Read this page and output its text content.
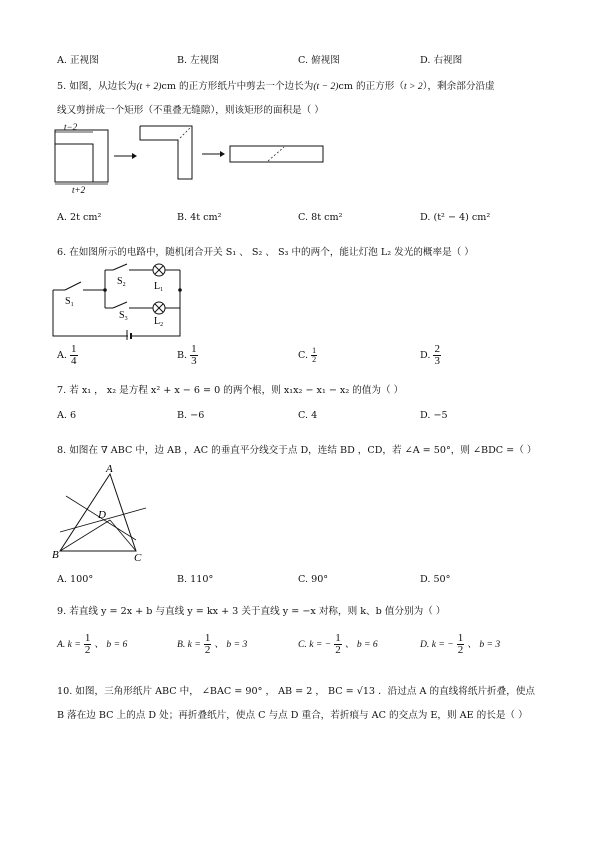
A. 正视图	B. 左视图	C. 俯视图	D. 右视图
5. 如图，从边长为(t + 2)cm 的正方形纸片中剪去一个边长为(t − 2)cm 的正方形（t > 2），剩余部分沿虚
线又剪拼成一个矩形（不重叠无缝隙），则该矩形的面积是（ ）
t−2
t+2
A. 2t cm²	B. 4t cm²	C. 8t cm²	D. (t² − 4) cm²
6. 在如图所示的电路中，随机闭合开关 S₁ 、 S₂ 、 S₃ 中的两个，能让灯泡 L₂ 发光的概率是（ ）
$S_1$
$S_2$	$L_1$
$S_3$	$L_2$
A. $\frac{1}{4}$	B. $\frac{1}{3}$	C. $\frac{1}{2}$	D. $\frac{2}{3}$
7. 若 x₁ ， x₂ 是方程 x² + x − 6 = 0 的两个根，则 x₁x₂ − x₁ − x₂ 的值为（ ）
A. 6	B. −6	C. 4	D. −5
8. 如图在 ∇ ABC 中，边 AB ，AC 的垂直平分线交于点 D，连结 BD ，CD，若 ∠A = 50°，则 ∠BDC =（ ）
A
B	C
D
A. 100°	B. 110°	C. 90°	D. 50°
9. 若直线 y = 2x + b 与直线 y = kx + 3 关于直线 y = −x 对称，则 k、b 值分别为（ ）
A. $k = \frac{1}{2}$ 、 b = 6	B. $k = \frac{1}{2}$ 、 b = 3	C. k = − $\frac{1}{2}$ 、 b = 6	D. k = − $\frac{1}{2}$ 、 b = 3
10. 如图，三角形纸片 ABC 中， ∠BAC = 90° ， AB = 2 ， BC = √13 ．沿过点 A 的直线将纸片折叠，使点
B 落在边 BC 上的点 D 处；再折叠纸片，使点 C 与点 D 重合，若折痕与 AC 的交点为 E，则 AE 的长是（ ）
